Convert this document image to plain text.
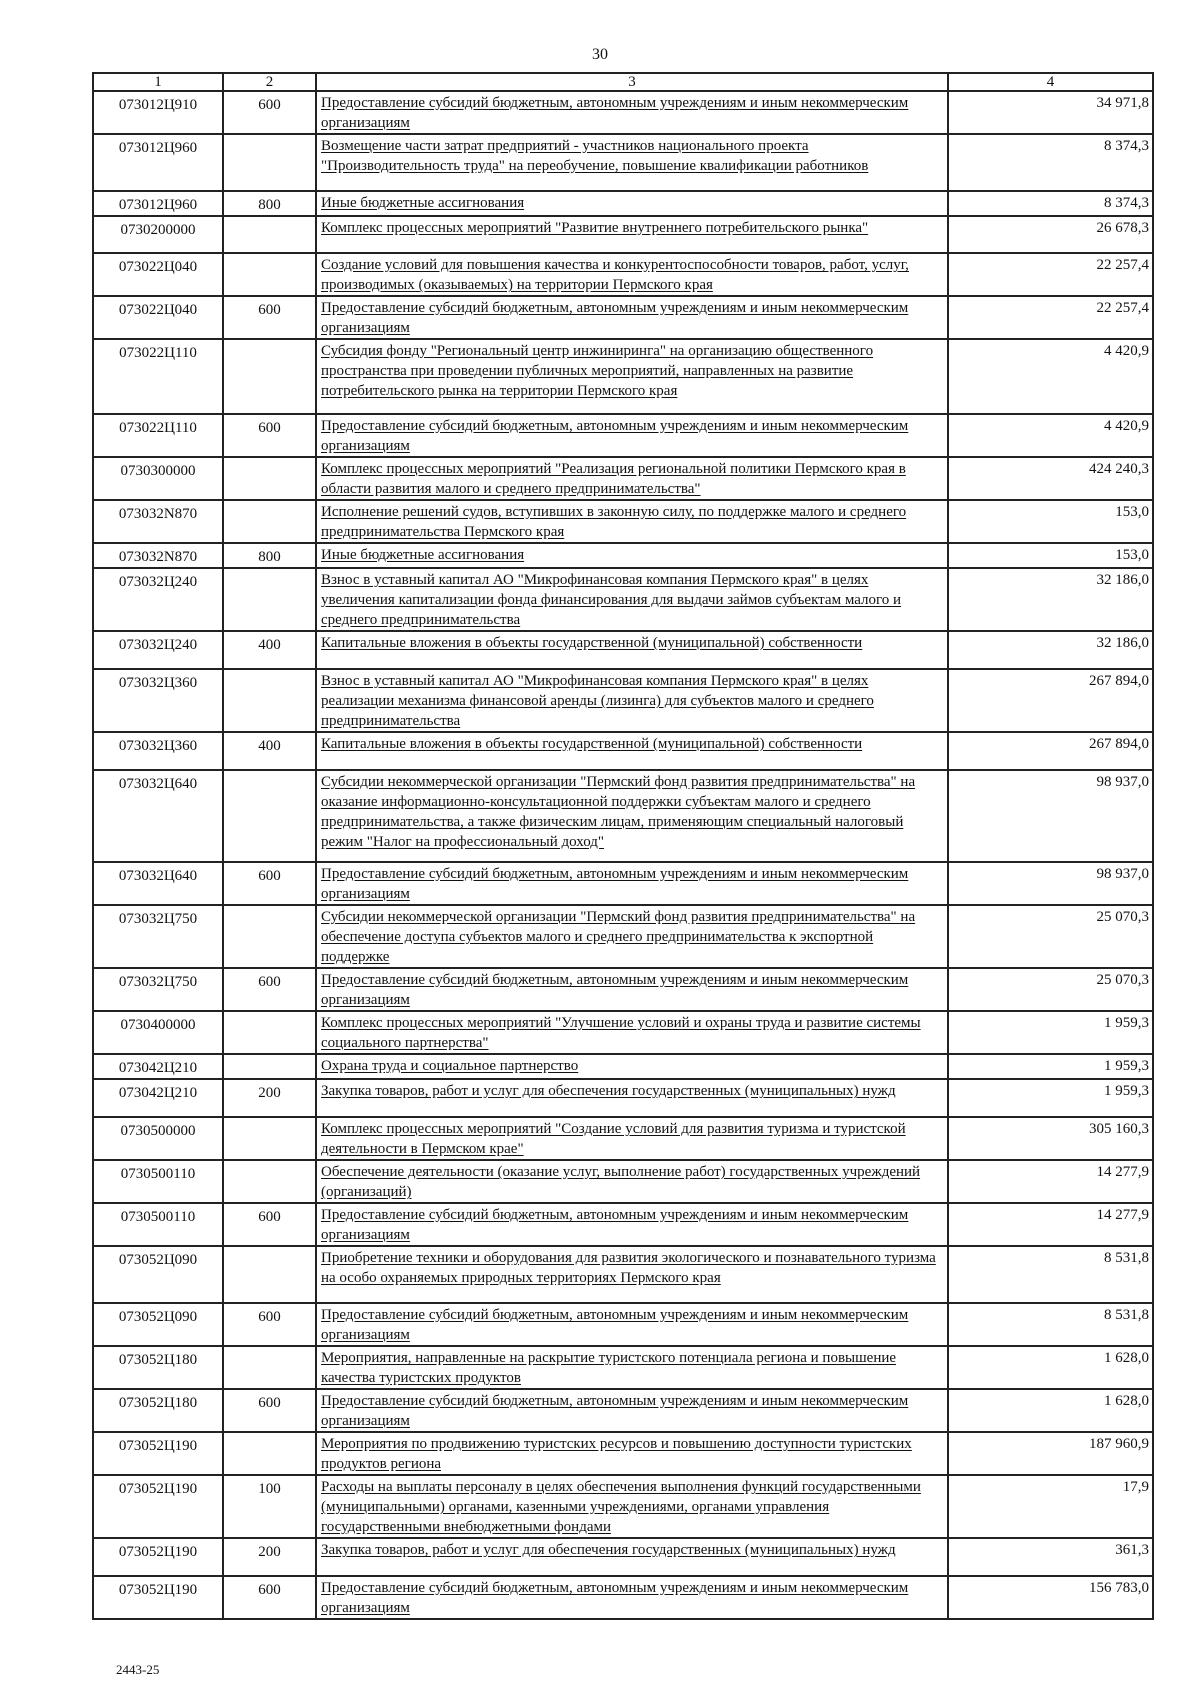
30
1	2	3	4
073012Ц910	600	Предоставление субсидий бюджетным, автономным учреждениям и иным некоммерческим организациям	34 971,8
073012Ц960		Возмещение части затрат предприятий - участников национального проекта "Производительность труда" на переобучение, повышение квалификации работников	8 374,3
073012Ц960	800	Иные бюджетные ассигнования	8 374,3
0730200000		Комплекс процессных мероприятий "Развитие внутреннего потребительского рынка"	26 678,3
073022Ц040		Создание условий для повышения качества и конкурентоспособности товаров, работ, услуг, производимых (оказываемых) на территории Пермского края	22 257,4
073022Ц040	600	Предоставление субсидий бюджетным, автономным учреждениям и иным некоммерческим организациям	22 257,4
073022Ц110		Субсидия фонду "Региональный центр инжиниринга" на организацию общественного пространства при проведении публичных мероприятий, направленных на развитие потребительского рынка на территории Пермского края	4 420,9
073022Ц110	600	Предоставление субсидий бюджетным, автономным учреждениям и иным некоммерческим организациям	4 420,9
0730300000		Комплекс процессных мероприятий "Реализация региональной политики Пермского края в области развития малого и среднего предпринимательства"	424 240,3
073032N870		Исполнение решений судов, вступивших в законную силу, по поддержке малого и среднего предпринимательства Пермского края	153,0
073032N870	800	Иные бюджетные ассигнования	153,0
073032Ц240		Взнос в уставный капитал АО "Микрофинансовая компания Пермского края" в целях увеличения капитализации фонда финансирования для выдачи займов субъектам малого и среднего предпринимательства	32 186,0
073032Ц240	400	Капитальные вложения в объекты государственной (муниципальной) собственности	32 186,0
073032Ц360		Взнос в уставный капитал АО "Микрофинансовая компания Пермского края" в целях реализации механизма финансовой аренды (лизинга) для субъектов малого и среднего предпринимательства	267 894,0
073032Ц360	400	Капитальные вложения в объекты государственной (муниципальной) собственности	267 894,0
073032Ц640		Субсидии некоммерческой организации "Пермский фонд развития предпринимательства" на оказание информационно-консультационной поддержки субъектам малого и среднего предпринимательства, а также физическим лицам, применяющим специальный налоговый режим "Налог на профессиональный доход"	98 937,0
073032Ц640	600	Предоставление субсидий бюджетным, автономным учреждениям и иным некоммерческим организациям	98 937,0
073032Ц750		Субсидии некоммерческой организации "Пермский фонд развития предпринимательства" на обеспечение доступа субъектов малого и среднего предпринимательства к экспортной поддержке	25 070,3
073032Ц750	600	Предоставление субсидий бюджетным, автономным учреждениям и иным некоммерческим организациям	25 070,3
0730400000		Комплекс процессных мероприятий "Улучшение условий и охраны труда и развитие системы социального партнерства"	1 959,3
073042Ц210		Охрана труда и социальное партнерство	1 959,3
073042Ц210	200	Закупка товаров, работ и услуг для обеспечения государственных (муниципальных) нужд	1 959,3
0730500000		Комплекс процессных мероприятий "Создание условий для развития туризма и туристской деятельности в Пермском крае"	305 160,3
0730500110		Обеспечение деятельности (оказание услуг, выполнение работ) государственных учреждений (организаций)	14 277,9
0730500110	600	Предоставление субсидий бюджетным, автономным учреждениям и иным некоммерческим организациям	14 277,9
073052Ц090		Приобретение техники и оборудования для развития экологического и познавательного туризма на особо охраняемых природных территориях Пермского края	8 531,8
073052Ц090	600	Предоставление субсидий бюджетным, автономным учреждениям и иным некоммерческим организациям	8 531,8
073052Ц180		Мероприятия, направленные на раскрытие туристского потенциала региона и повышение качества туристских продуктов	1 628,0
073052Ц180	600	Предоставление субсидий бюджетным, автономным учреждениям и иным некоммерческим организациям	1 628,0
073052Ц190		Мероприятия по продвижению туристских ресурсов и повышению доступности туристских продуктов региона	187 960,9
073052Ц190	100	Расходы на выплаты персоналу в целях обеспечения выполнения функций государственными (муниципальными) органами, казенными учреждениями, органами управления государственными внебюджетными фондами	17,9
073052Ц190	200	Закупка товаров, работ и услуг для обеспечения государственных (муниципальных) нужд	361,3
073052Ц190	600	Предоставление субсидий бюджетным, автономным учреждениям и иным некоммерческим организациям	156 783,0
2443-25
